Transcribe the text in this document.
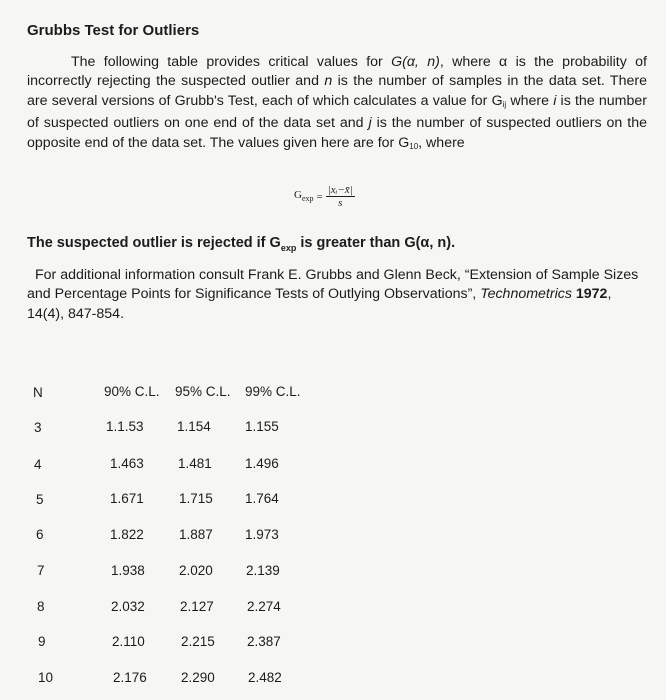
Grubbs Test for Outliers

The following table provides critical values for G(α, n), where α is the probability of incorrectly rejecting the suspected outlier and n is the number of samples in the data set. There are several versions of Grubb's Test, each of which calculates a value for $G_{ij}$ where i is the number of suspected outliers on one end of the data set and j is the number of suspected outliers on the opposite end of the data set. The values given here are for $G_{10}$, where

$G_{exp} = \frac{\text{|xᵢ−x̄|}}{s}$

The suspected outlier is rejected if $G_{exp}$ is greater than G(α, n).

For additional information consult Frank E. Grubbs and Glenn Beck, “Extension of Sample Sizes and Percentage Points for Significance Tests of Outlying Observations”, Technometrics 1972, 14(4), 847-854.

N	90% C.L. 95% C.L. 99% C.L.
3	1.1.53 1.154	1.155
4	1.463	1.481 1.496
5	1.671	1.715 1.764
6	1.822	1.887 1.973
7	1.938	2.020 2.139
8	2.032	2.127 2.274
9	2.110	2.215 2.387
10	2.176	2.290 2.482
